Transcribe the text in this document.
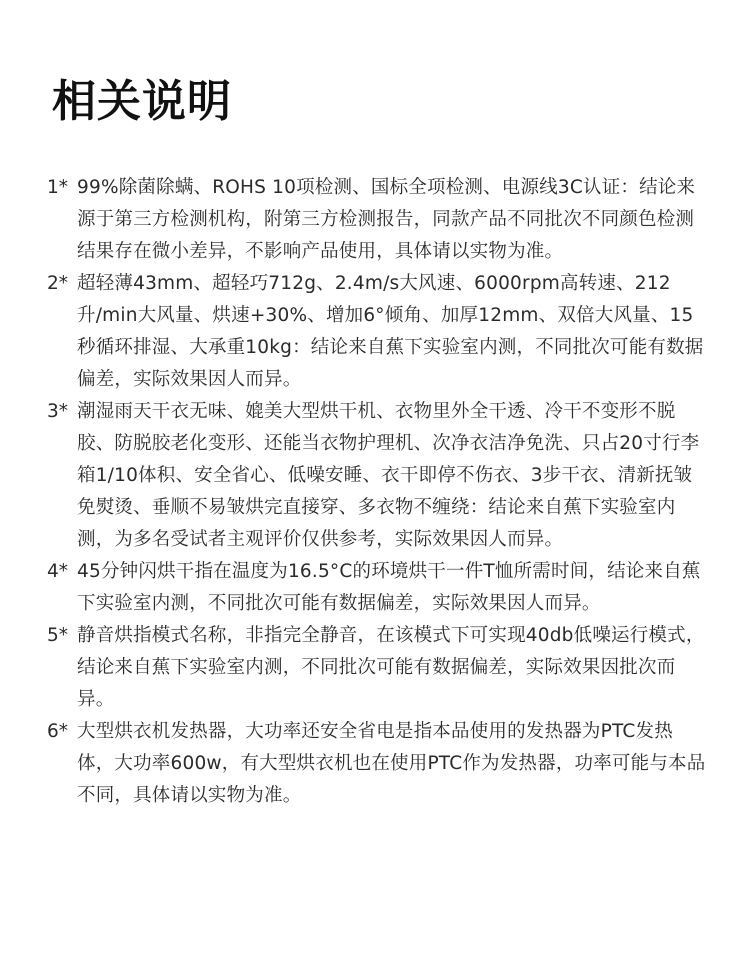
相关说明
1* 99%除菌除螨、ROHS 10项检测、国标全项检测、电源线3C认证：结论来源于第三方检测机构，附第三方检测报告，同款产品不同批次不同颜色检测结果存在微小差异，不影响产品使用，具体请以实物为准。
2* 超轻薄43mm、超轻巧712g、2.4m/s大风速、6000rpm高转速、212升/min大风量、烘速+30%、增加6°倾角、加厚12mm、双倍大风量、15秒循环排湿、大承重10kg：结论来自蕉下实验室内测，不同批次可能有数据偏差，实际效果因人而异。
3* 潮湿雨天干衣无味、媲美大型烘干机、衣物里外全干透、冷干不变形不脱胶、防脱胶老化变形、还能当衣物护理机、次净衣洁净免洗、只占20寸行李箱1/10体积、安全省心、低噪安睡、衣干即停不伤衣、3步干衣、清新抚皱免熨烫、垂顺不易皱烘完直接穿、多衣物不缠绕：结论来自蕉下实验室内测，为多名受试者主观评价仅供参考，实际效果因人而异。
4* 45分钟闪烘干指在温度为16.5°C的环境烘干一件T恤所需时间，结论来自蕉下实验室内测，不同批次可能有数据偏差，实际效果因人而异。
5* 静音烘指模式名称，非指完全静音，在该模式下可实现40db低噪运行模式，结论来自蕉下实验室内测，不同批次可能有数据偏差，实际效果因批次而异。
6* 大型烘衣机发热器，大功率还安全省电是指本品使用的发热器为PTC发热体，大功率600w，有大型烘衣机也在使用PTC作为发热器，功率可能与本品不同，具体请以实物为准。
